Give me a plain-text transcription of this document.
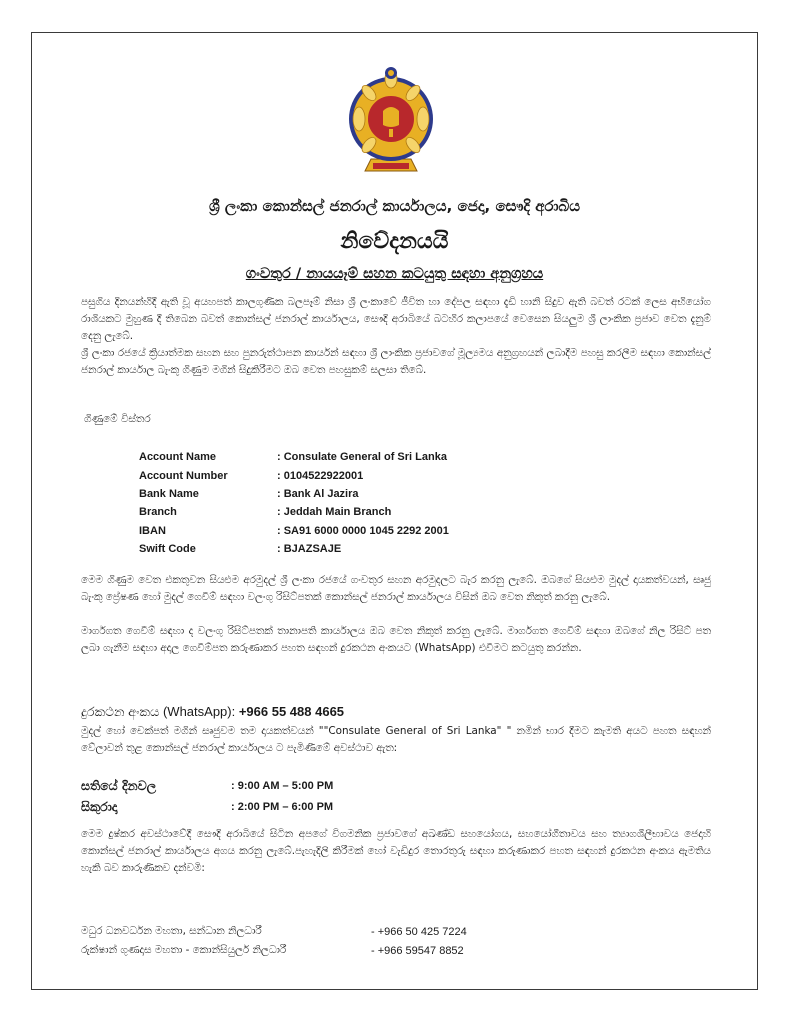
ශ්‍රී ලංකා කොන්සල් ජනරාල් කාර්යාලය, ජෙදා, සෞදි අරාබිය
නිවේදනයයි
ගංවතුර / නායයෑම් සහන කටයුතු සඳහා අනුග්‍රහය

පසුගිය දිනයන්හිදී ඇති වූ අයහපත් කාලගුණික බලපෑම් නිසා ශ්‍රී ලංකාවේ ජීවිත හා දේපල සඳහා දැඩි හානි සිදුව ඇති බවත් රටක් ලෙස අභියෝග රාශියකට මුහුණ දී තිබෙන බවත් කොන්සල් ජනරාල් කාර්යාලය, සෞදි අරාබියේ බටහිර කලාපයේ වෙසෙන සියලුම ශ්‍රී ලාංකික ප්‍රජාව වෙත දැනුම් දෙනු ලැබේ.

ශ්‍රී ලංකා රජයේ ක්‍රියාත්මක සහන සහ පුනරුත්ථාපන කාර්යන් සඳහා ශ්‍රී ලාංකික ප්‍රජාවගේ මූල්‍යමය අනුග්‍රහයන් ලබාදීම පහසු කරලීම සඳහා කොන්සල් ජනරාල් කාර්යාල බැංකු ගිණුම මගින් සිදුකිරීමට ඔබ වෙත පහසුකම් සලසා තිබේ.

ගිණුමේ විස්තර
Account Name	: Consulate General of Sri Lanka
Account Number	: 0104522922001
Bank Name	: Bank Al Jazira
Branch	: Jeddah Main Branch
IBAN	: SA91 6000 0000 1045 2292 2001
Swift Code	: BJAZSAJE

මෙම ගිණුම වෙත එකතුවන සියළුම අරමුදල් ශ්‍රී ලංකා රජයේ ගංවතුර සහන අරමුදලට බැර කරනු ලැබේ. ඔබගේ සියළුම මුදල් දායකත්වයන්, සෘජු බැංකු ප්‍රේෂණ හෝ මුදල් ගෙවීම් සඳහා වලංගු රිසිට්පතක් කොන්සල් ජනරාල් කාර්යාලය විසින් ඔබ වෙත නිකුත් කරනු ලැබේ.

මාර්ගගත ගෙවීම් සඳහා ද වලංගු රිසිට්පතක් තානාපති කාර්යාලය ඔබ වෙත නිකුත් කරනු ලැබේ. මාර්ගගත ගෙවීම් සඳහා ඔබගේ නිල රිසිට් පත ලබා ගැනීම සඳහා අදාල ගෙවීම්පත කරුණාකර පහත සඳහන් දුරකථන අංකයට (WhatsApp) එවීමට කටයුතු කරන්න.

දුරකථන අංකය (WhatsApp): +966 55 488 4665

මුදල් හෝ චෙක්පත් මගින් සෘජුවම තම දායකත්වයන් ""Consulate General of Sri Lanka" " නමින් භාර දීමට කැමති අයට පහත සඳහන් වේලාවන් තුළ කොන්සල් ජනරාල් කාර්යාලය ට පැමිණීමේ අවස්ථාව ඇත:

සතියේ දිනවල	: 9:00 AM – 5:00 PM
සිකුරාදා	: 2:00 PM – 6:00 PM

මෙම දුෂ්කර අවස්ථාවේදී සෞදි අරාබියේ සිටින අපගේ විගමනික ප්‍රජාවගේ අඛණ්ඩ සහයෝගය, සහයෝගීතාවය සහ ත්‍යාගශීලීභාවය ජෙදාහි කොන්සල් ජනරාල් කාර්යාලය අගය කරනු ලැබේ.පැහැදිලි කිරීමක් හෝ වැඩිදුර තොරතුරු සඳහා කරුණාකර පහත සඳහන් දුරකථන අංකය ඇමතිය හැකි බව කාරුණිකව දන්වමි:

මධුර ධනවර්ධන මහතා, සන්ධාන නිලධාරී	- +966 50 425 7224
රුක්ෂාන් ගුණදාස මහතා - කොන්සියුලර් නිලධාරී	- +966 59547 8852
